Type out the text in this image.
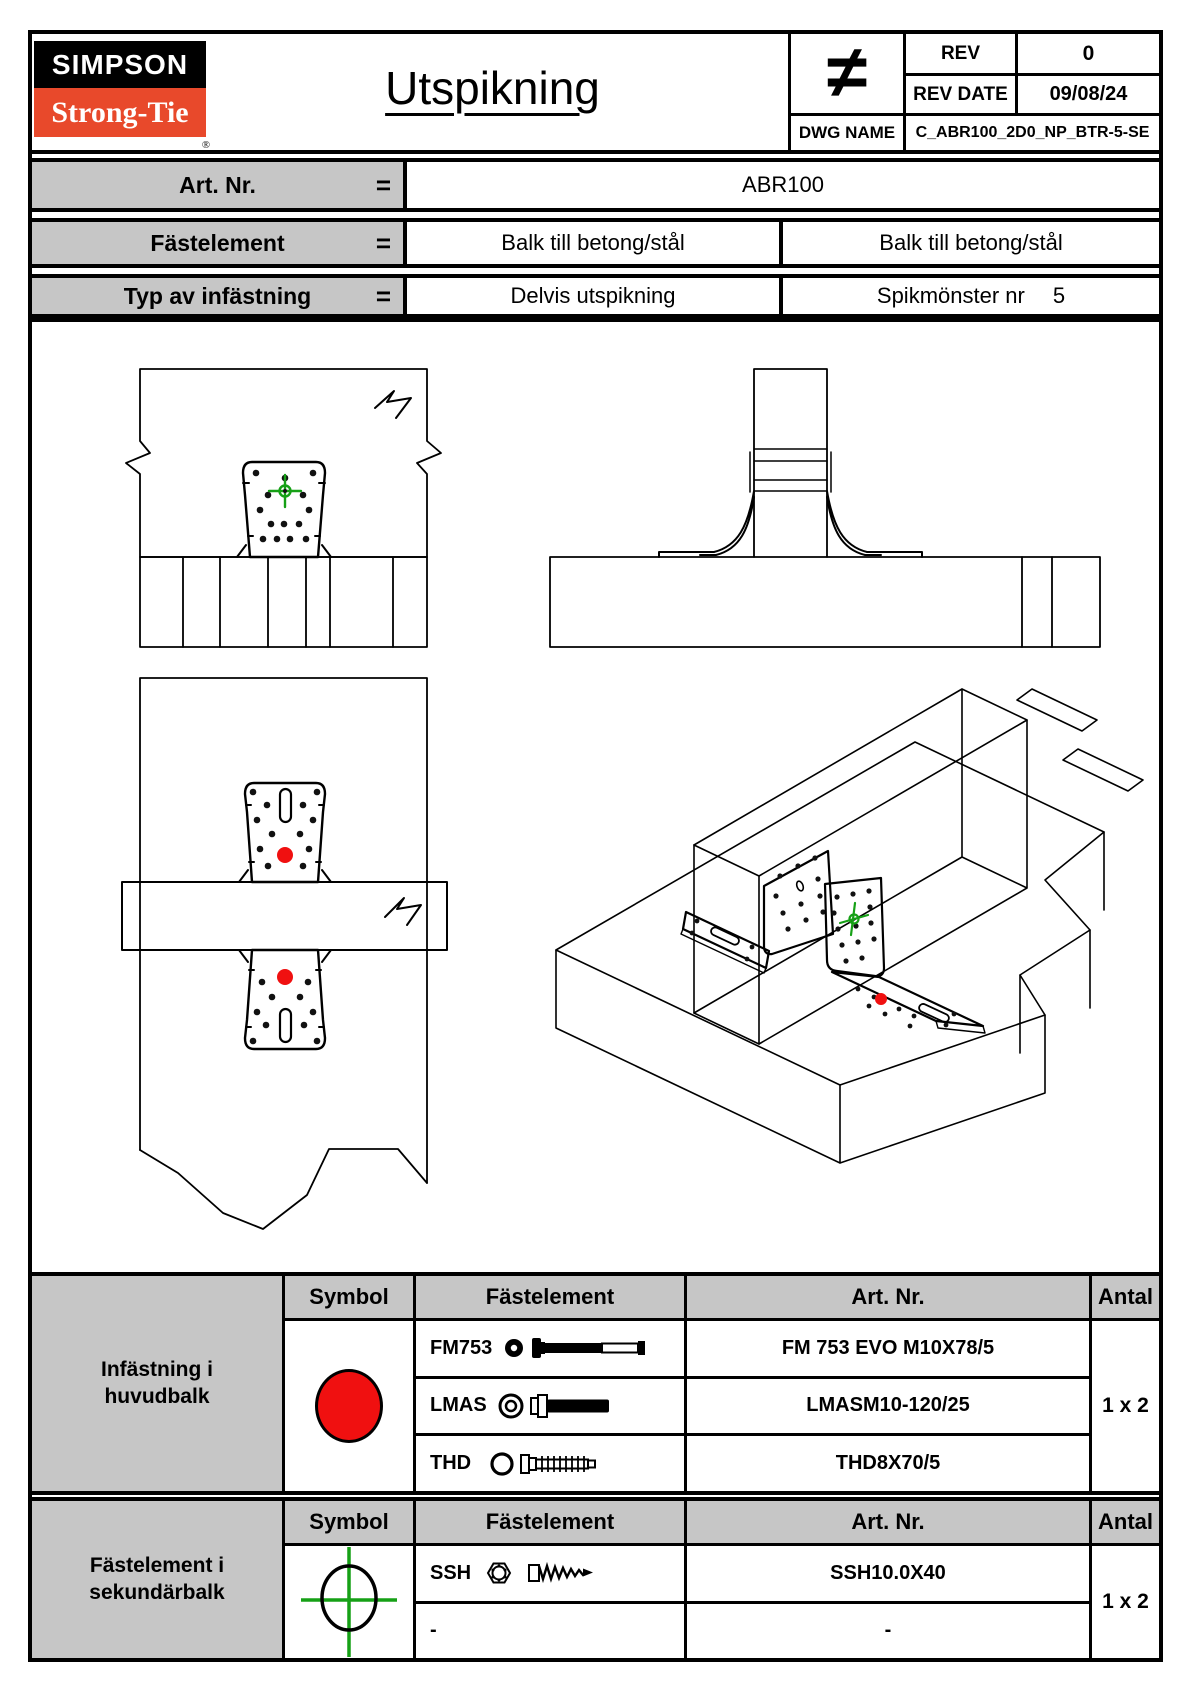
SIMPSON
Strong-Tie
®
Utspikning	≠	REV	0
REV DATE	09/08/24
DWG NAME	C_ABR100_2D0_NP_BTR-5-SE
Art. Nr.	=	ABR100
Fästelement	=	Balk till betong/stål	Balk till betong/stål
Typ av infästning =	Delvis utspikning	Spikmönster nr 5
Infästning i
huvudbalk
Symbol	Fästelement	Art. Nr.	Antal
FM753	FM 753 EVO M10X78/5
1 x 2
LMAS	LMASM10-120/25
THD	THD8X70/5
Fästelement i
sekundärbalk
Symbol	Fästelement	Art. Nr.	Antal
SSH	SSH10.0X40
1 x 2
-	-
